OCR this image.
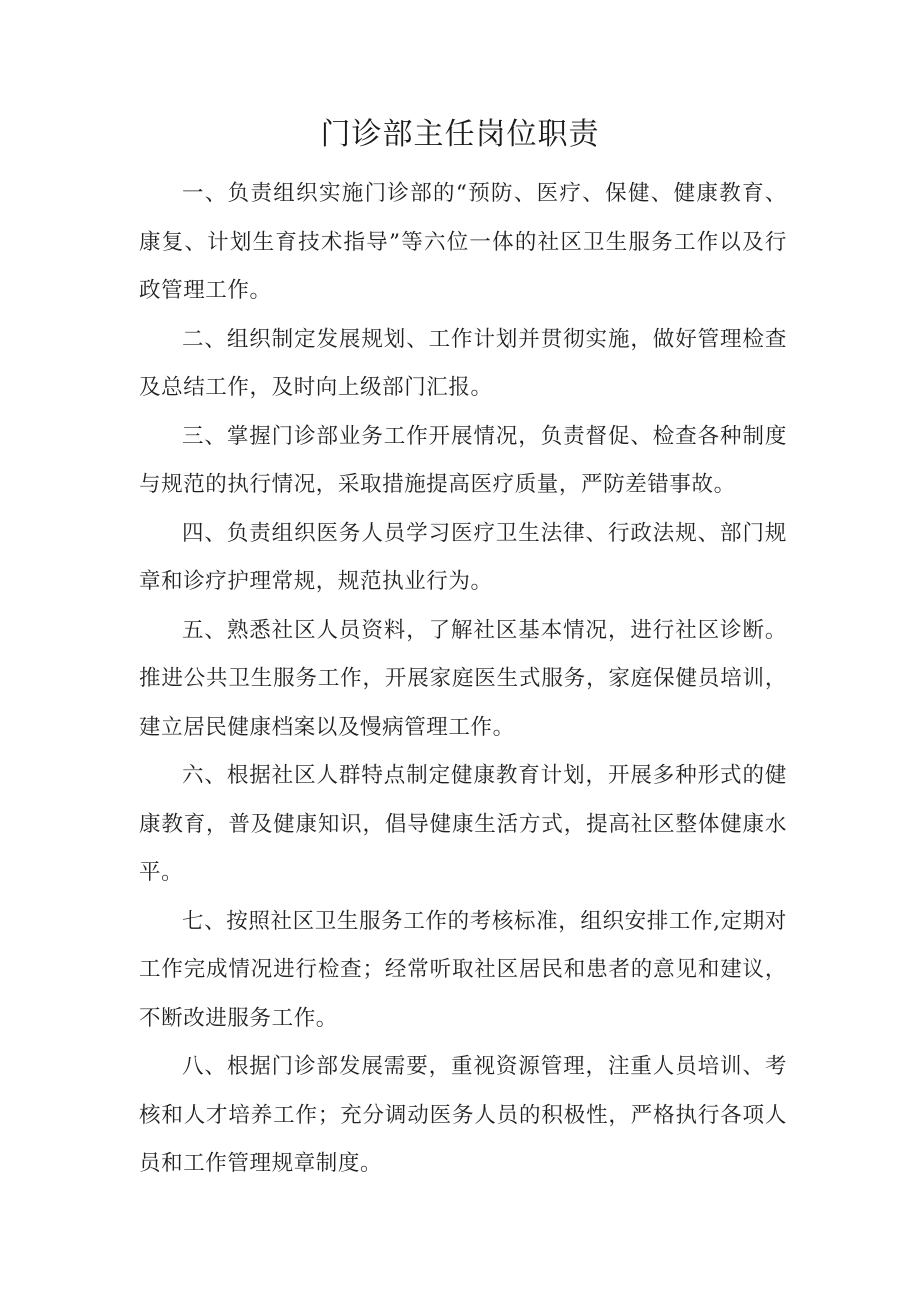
门诊部主任岗位职责

一、负责组织实施门诊部的“预防、医疗、保健、健康教育、康复、计划生育技术指导”等六位一体的社区卫生服务工作以及行政管理工作。

二、组织制定发展规划、工作计划并贯彻实施，做好管理检查及总结工作，及时向上级部门汇报。

三、掌握门诊部业务工作开展情况，负责督促、检查各种制度与规范的执行情况，采取措施提高医疗质量，严防差错事故。

四、负责组织医务人员学习医疗卫生法律、行政法规、部门规章和诊疗护理常规，规范执业行为。

五、熟悉社区人员资料，了解社区基本情况，进行社区诊断。推进公共卫生服务工作，开展家庭医生式服务，家庭保健员培训，建立居民健康档案以及慢病管理工作。

六、根据社区人群特点制定健康教育计划，开展多种形式的健康教育，普及健康知识，倡导健康生活方式，提高社区整体健康水平。

七、按照社区卫生服务工作的考核标准，组织安排工作,定期对工作完成情况进行检查；经常听取社区居民和患者的意见和建议，不断改进服务工作。

八、根据门诊部发展需要，重视资源管理，注重人员培训、考核和人才培养工作；充分调动医务人员的积极性，严格执行各项人员和工作管理规章制度。
